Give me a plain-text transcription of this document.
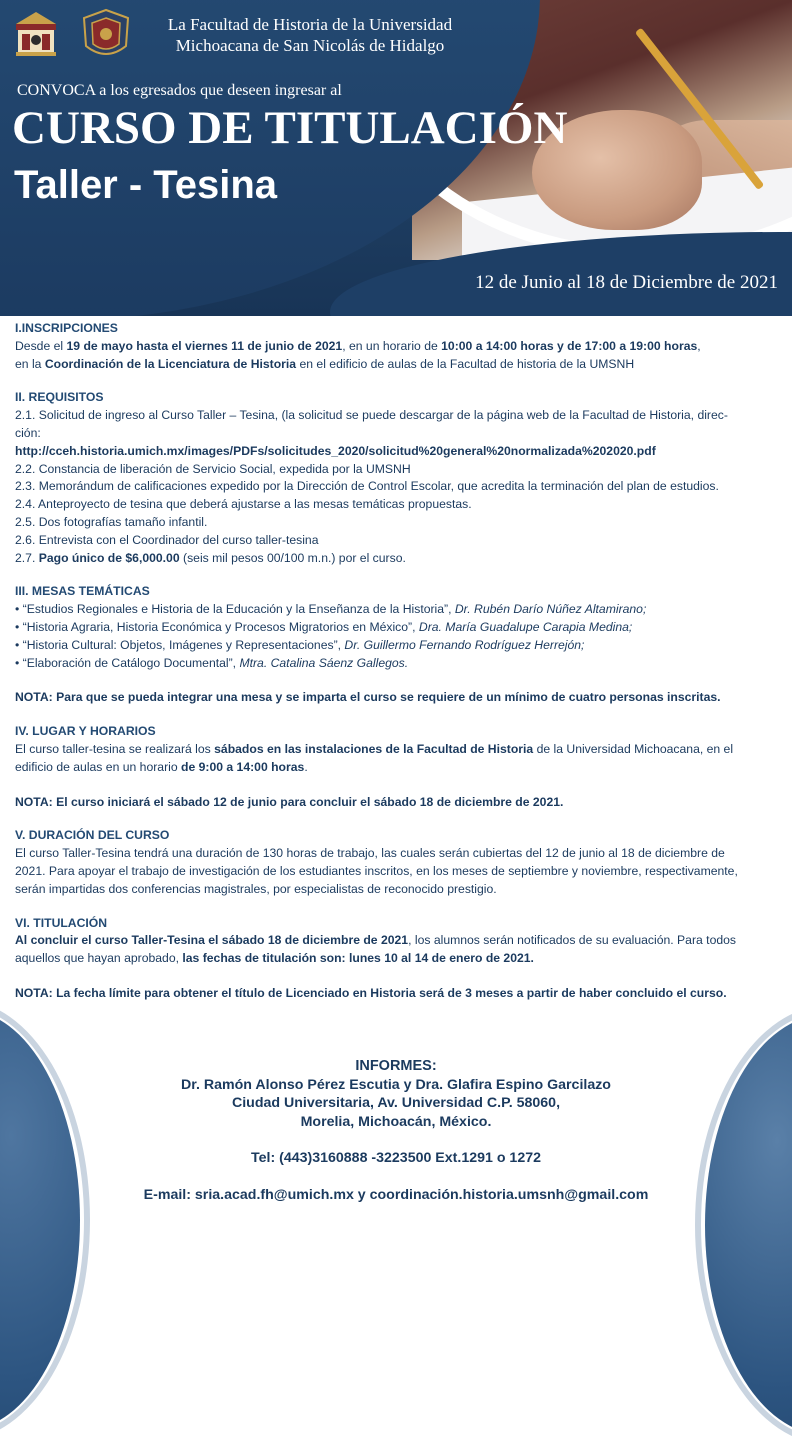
La Facultad de Historia de la Universidad
Michoacana de San Nicolás de Hidalgo
CONVOCA a los egresados que deseen ingresar al
CURSO DE TITULACIÓN
Taller - Tesina
12 de Junio al 18 de Diciembre de 2021
I.INSCRIPCIONES
Desde el 19 de mayo hasta el viernes 11 de junio de 2021, en un horario de 10:00 a 14:00 horas y de 17:00 a 19:00 horas,
en la Coordinación de la Licenciatura de Historia en el edificio de aulas de la Facultad de historia de la UMSNH
II. REQUISITOS
2.1. Solicitud de ingreso al Curso Taller – Tesina, (la solicitud se puede descargar de la página web de la Facultad de Historia, direc-
ción:
http://cceh.historia.umich.mx/images/PDFs/solicitudes_2020/solicitud%20general%20normalizada%202020.pdf
2.2. Constancia de liberación de Servicio Social, expedida por la UMSNH
2.3. Memorándum de calificaciones expedido por la Dirección de Control Escolar, que acredita la terminación del plan de estudios.
2.4. Anteproyecto de tesina que deberá ajustarse a las mesas temáticas propuestas.
2.5. Dos fotografías tamaño infantil.
2.6. Entrevista con el Coordinador del curso taller-tesina
2.7. Pago único de $6,000.00 (seis mil pesos 00/100 m.n.) por el curso.
III. MESAS TEMÁTICAS
• “Estudios Regionales e Historia de la Educación y la Enseñanza de la Historia”, Dr. Rubén Darío Núñez Altamirano;
• “Historia Agraria, Historia Económica y Procesos Migratorios en México”, Dra. María Guadalupe Carapia Medina;
• “Historia Cultural: Objetos, Imágenes y Representaciones”, Dr. Guillermo Fernando Rodríguez Herrejón;
• “Elaboración de Catálogo Documental”, Mtra. Catalina Sáenz Gallegos.
NOTA: Para que se pueda integrar una mesa y se imparta el curso se requiere de un mínimo de cuatro personas inscritas.
IV. LUGAR Y HORARIOS
El curso taller-tesina se realizará los sábados en las instalaciones de la Facultad de Historia de la Universidad Michoacana, en el
edificio de aulas en un horario de 9:00 a 14:00 horas.
NOTA: El curso iniciará el sábado 12 de junio para concluir el sábado 18 de diciembre de 2021.
V. DURACIÓN DEL CURSO
El curso Taller-Tesina tendrá una duración de 130 horas de trabajo, las cuales serán cubiertas del 12 de junio al 18 de diciembre de
2021. Para apoyar el trabajo de investigación de los estudiantes inscritos, en los meses de septiembre y noviembre, respectivamente,
serán impartidas dos conferencias magistrales, por especialistas de reconocido prestigio.
VI. TITULACIÓN
Al concluir el curso Taller-Tesina el sábado 18 de diciembre de 2021, los alumnos serán notificados de su evaluación. Para todos
aquellos que hayan aprobado, las fechas de titulación son: lunes 10 al 14 de enero de 2021.
NOTA: La fecha límite para obtener el título de Licenciado en Historia será de 3 meses a partir de haber concluido el curso.
INFORMES:
Dr. Ramón Alonso Pérez Escutia y Dra. Glafira Espino Garcilazo
Ciudad Universitaria, Av. Universidad C.P. 58060,
Morelia, Michoacán, México.
Tel: (443)3160888 -3223500 Ext.1291 o 1272
E-mail: sria.acad.fh@umich.mx y coordinación.historia.umsnh@gmail.com
